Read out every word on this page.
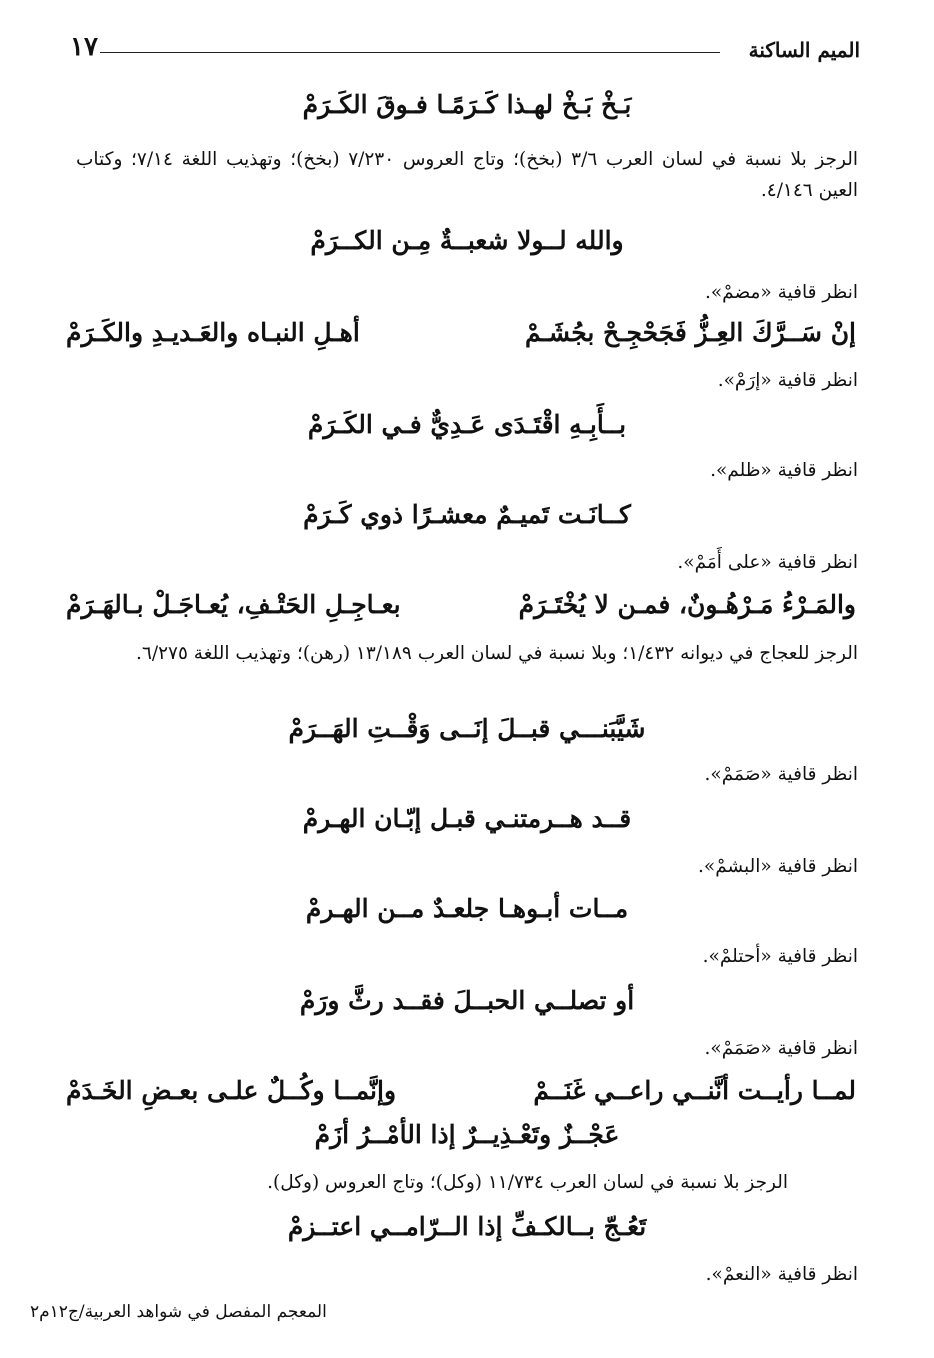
الميم الساكنة
١٧
بَـخْ بَـخْ لهـذا كَـرَمًـا فـوقَ الكَـرَمْ
الرجز بلا نسبة في لسان العرب ٣/٦ (بخخ)؛ وتاج العروس ٧/٢٣٠ (بخخ)؛ وتهذيب اللغة ٧/١٤؛ وكتاب العين ٤/١٤٦.
والله لــولا شعبــةٌ مِـن الكــرَمْ
انظر قافية «مضمْ».
إنْ سَــرَّكَ العِـزُّ فَجَحْجِـحْ بجُشَـمْ
أهـلِ النبـاه والعَـديـدِ والكَـرَمْ
انظر قافية «إرَمْ».
بــأَبِـهِ اقْتَـدَى عَـدِيٌّ فـي الكَـرَمْ
انظر قافية «ظلم».
كــانَـت تَميـمٌ معشـرًا ذوي كَـرَمْ
انظر قافية «على أَمَمْ».
والمَـرْءُ مَـرْهُـونٌ، فمـن لا يُخْتَـرَمْ
بعـاجِـلِ الحَتْـفِ، يُعـاجَـلْ بـالهَـرَمْ
الرجز للعجاج في ديوانه ١/٤٣٢؛ وبلا نسبة في لسان العرب ١٣/١٨٩ (رهن)؛ وتهذيب اللغة ٦/٢٧٥.
شَيَّبَنـــي قبــلَ إنَــى وَقْــتِ الهَــرَمْ
انظر قافية «صَمَمْ».
قــد هــرمتنـي قبـل إبّـان الهـرمْ
انظر قافية «البشمْ».
مــات أبـوهـا جلعـدٌ مــن الهـرمْ
انظر قافية «أحتلمْ».
أو تصلــي الحبــلَ فقــد رثَّ ورَمْ
انظر قافية «صَمَمْ».
لمــا رأيــت أنَّنــي راعــي غَنَــمْ
وإنَّمــا وكُــلٌ علـى بعـضِ الخَـدَمْ
عَجْــزٌ وتَعْـذِيــرٌ إذا الأمْــرُ أزَمْ
الرجز بلا نسبة في لسان العرب ١١/٧٣٤ (وكل)؛ وتاج العروس (وكل).
تَعُـجّ بــالكـفِّ إذا الــرّامــي اعتــزمْ
انظر قافية «النعمْ».
المعجم المفصل في شواهد العربية/ج١٢م٢
